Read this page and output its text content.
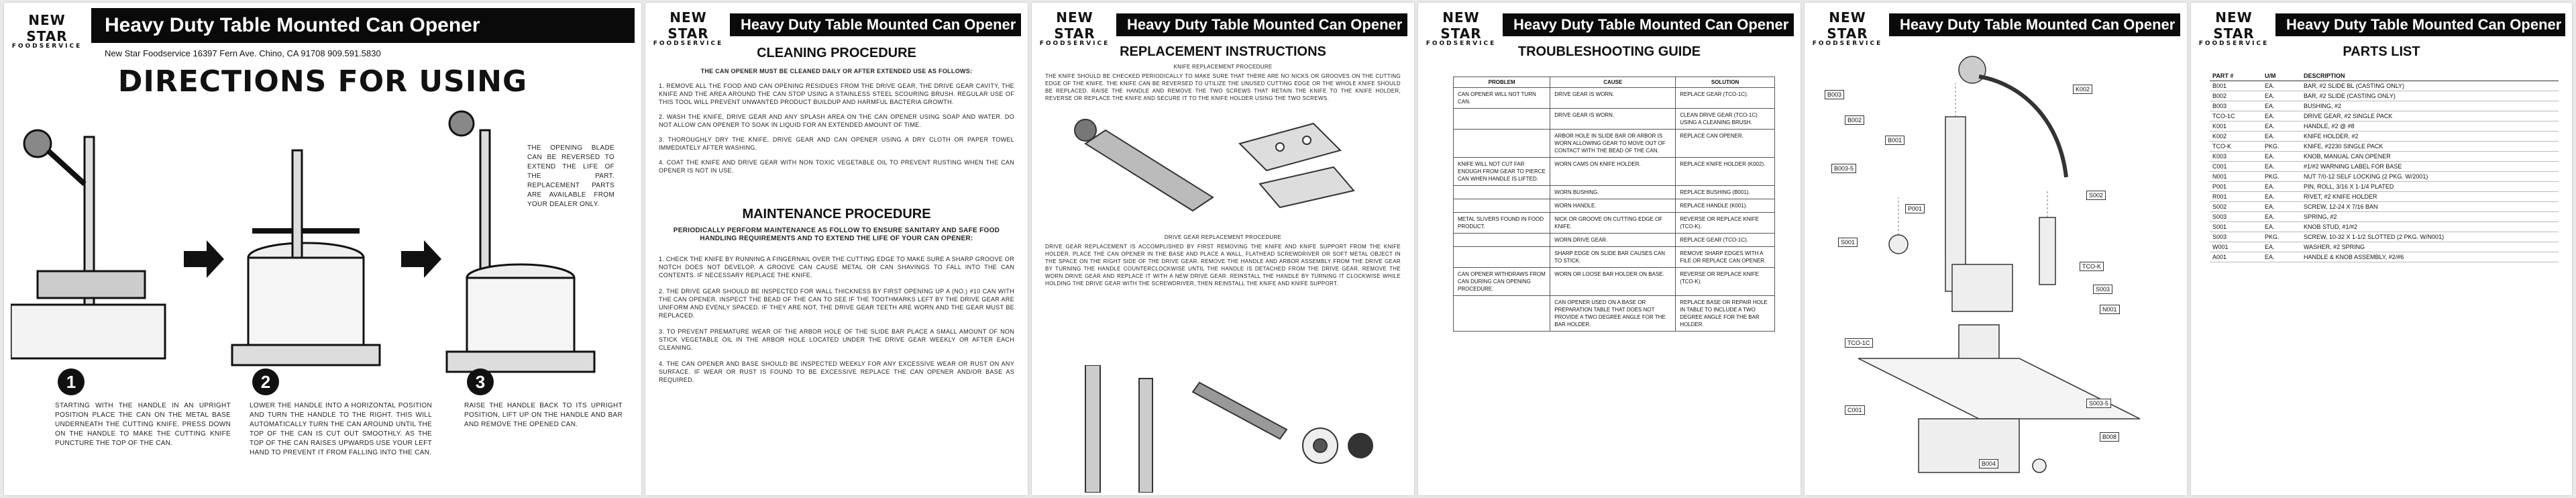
NEW STAR
FOODSERVICE
Heavy Duty Table Mounted Can Opener
New Star Foodservice 16397 Fern Ave. Chino, CA 91708 909.591.5830
DIRECTIONS FOR USING
THE OPENING BLADE CAN BE REVERSED TO EXTEND THE LIFE OF THE PART. REPLACEMENT PARTS ARE AVAILABLE FROM YOUR DEALER ONLY.
1	2	3
STARTING WITH THE HANDLE IN AN UPRIGHT POSITION PLACE THE CAN ON THE METAL BASE UNDERNEATH THE CUTTING KNIFE. PRESS DOWN ON THE HANDLE TO MAKE THE CUTTING KNIFE PUNCTURE THE TOP OF THE CAN.
LOWER THE HANDLE INTO A HORIZONTAL POSITION AND TURN THE HANDLE TO THE RIGHT. THIS WILL AUTOMATICALLY TURN THE CAN AROUND UNTIL THE TOP OF THE CAN IS CUT OUT SMOOTHLY. AS THE TOP OF THE CAN RAISES UPWARDS USE YOUR LEFT HAND TO PREVENT IT FROM FALLING INTO THE CAN.
RAISE THE HANDLE BACK TO ITS UPRIGHT POSITION, LIFT UP ON THE HANDLE AND BAR AND REMOVE THE OPENED CAN.
NEW STAR
FOODSERVICE
Heavy Duty Table Mounted Can Opener
CLEANING PROCEDURE
THE CAN OPENER MUST BE CLEANED DAILY OR AFTER EXTENDED USE AS FOLLOWS:

1. REMOVE ALL THE FOOD AND CAN OPENING RESIDUES FROM THE DRIVE GEAR, THE DRIVE GEAR CAVITY, THE KNIFE AND THE AREA AROUND THE CAN STOP USING A STAINLESS STEEL SCOURING BRUSH. REGULAR USE OF THIS TOOL WILL PREVENT UNWANTED PRODUCT BUILDUP AND HARMFUL BACTERIA GROWTH.

2. WASH THE KNIFE, DRIVE GEAR AND ANY SPLASH AREA ON THE CAN OPENER USING SOAP AND WATER. DO NOT ALLOW CAN OPENER TO SOAK IN LIQUID FOR AN EXTENDED AMOUNT OF TIME.

3. THOROUGHLY DRY THE KNIFE, DRIVE GEAR AND CAN OPENER USING A DRY CLOTH OR PAPER TOWEL IMMEDIATELY AFTER WASHING.

4. COAT THE KNIFE AND DRIVE GEAR WITH NON TOXIC VEGETABLE OIL TO PREVENT RUSTING WHEN THE CAN OPENER IS NOT IN USE.

MAINTENANCE PROCEDURE
PERIODICALLY PERFORM MAINTENANCE AS FOLLOW TO ENSURE SANITARY AND SAFE FOOD HANDLING REQUIREMENTS AND TO EXTEND THE LIFE OF YOUR CAN OPENER:

1. CHECK THE KNIFE BY RUNNING A FINGERNAIL OVER THE CUTTING EDGE TO MAKE SURE A SHARP GROOVE OR NOTCH DOES NOT DEVELOP. A GROOVE CAN CAUSE METAL OR CAN SHAVINGS TO FALL INTO THE CAN CONTENTS. IF NECESSARY REPLACE THE KNIFE.

2. THE DRIVE GEAR SHOULD BE INSPECTED FOR WALL THICKNESS BY FIRST OPENING UP A (NO.) #10 CAN WITH THE CAN OPENER. INSPECT THE BEAD OF THE CAN TO SEE IF THE TOOTHMARKS LEFT BY THE DRIVE GEAR ARE UNIFORM AND EVENLY SPACED. IF THEY ARE NOT, THE DRIVE GEAR TEETH ARE WORN AND THE GEAR MUST BE REPLACED.

3. TO PREVENT PREMATURE WEAR OF THE ARBOR HOLE OF THE SLIDE BAR PLACE A SMALL AMOUNT OF NON STICK VEGETABLE OIL IN THE ARBOR HOLE LOCATED UNDER THE DRIVE GEAR WEEKLY OR AFTER EACH CLEANING.

4. THE CAN OPENER AND BASE SHOULD BE INSPECTED WEEKLY FOR ANY EXCESSIVE WEAR OR RUST ON ANY SURFACE. IF WEAR OR RUST IS FOUND TO BE EXCESSIVE REPLACE THE CAN OPENER AND/OR BASE AS REQUIRED.

NEW STAR
FOODSERVICE
Heavy Duty Table Mounted Can Opener
REPLACEMENT INSTRUCTIONS
KNIFE REPLACEMENT PROCEDURE
THE KNIFE SHOULD BE CHECKED PERIODICALLY TO MAKE SURE THAT THERE ARE NO NICKS OR GROOVES ON THE CUTTING EDGE OF THE KNIFE. THE KNIFE CAN BE REVERSED TO UTILIZE THE UNUSED CUTTING EDGE OR THE WHOLE KNIFE SHOULD BE REPLACED. RAISE THE HANDLE AND REMOVE THE TWO SCREWS THAT RETAIN THE KNIFE TO THE KNIFE HOLDER, REVERSE OR REPLACE THE KNIFE AND SECURE IT TO THE KNIFE HOLDER USING THE TWO SCREWS.
DRIVE GEAR REPLACEMENT PROCEDURE
DRIVE GEAR REPLACEMENT IS ACCOMPLISHED BY FIRST REMOVING THE KNIFE AND KNIFE SUPPORT FROM THE KNIFE HOLDER. PLACE THE CAN OPENER IN THE BASE AND PLACE A WALL, FLATHEAD SCREWDRIVER OR SOFT METAL OBJECT IN THE SPACE ON THE RIGHT SIDE OF THE DRIVE GEAR. REMOVE THE HANDLE AND ARBOR ASSEMBLY FROM THE DRIVE GEAR BY TURNING THE HANDLE COUNTERCLOCKWISE UNTIL THE HANDLE IS DETACHED FROM THE DRIVE GEAR. REMOVE THE WORN DRIVE GEAR AND REPLACE IT WITH A NEW DRIVE GEAR. REINSTALL THE HANDLE BY TURNING IT CLOCKWISE WHILE HOLDING THE DRIVE GEAR WITH THE SCREWDRIVER, THEN REINSTALL THE KNIFE AND KNIFE SUPPORT.
NEW STAR
FOODSERVICE
Heavy Duty Table Mounted Can Opener
TROUBLESHOOTING GUIDE
PROBLEM	CAUSE	SOLUTION
CAN OPENER WILL NOT TURN CAN.	DRIVE GEAR IS WORN.	REPLACE GEAR (TCO-1C).
	DRIVE GEAR IS WORN.	CLEAN DRIVE GEAR (TCO-1C) USING A CLEANING BRUSH.
	ARBOR HOLE IN SLIDE BAR OR ARBOR IS WORN ALLOWING GEAR TO MOVE OUT OF CONTACT WITH THE BEAD OF THE CAN.	REPLACE CAN OPENER.
KNIFE WILL NOT CUT FAR ENOUGH FROM GEAR TO PIERCE CAN WHEN HANDLE IS LIFTED.	WORN CAMS ON KNIFE HOLDER.	REPLACE KNIFE HOLDER (K002).
	WORN BUSHING.	REPLACE BUSHING (B001).
	WORN HANDLE.	REPLACE HANDLE (K001).
METAL SLIVERS FOUND IN FOOD PRODUCT.	NICK OR GROOVE ON CUTTING EDGE OF KNIFE.	REVERSE OR REPLACE KNIFE (TCO-K).
	WORN DRIVE GEAR.	REPLACE GEAR (TCO-1C).
	SHARP EDGE ON SLIDE BAR CAUSES CAN TO STICK.	REMOVE SHARP EDGES WITH A FILE OR REPLACE CAN OPENER.
CAN OPENER WITHDRAWS FROM CAN DURING CAN OPENING PROCEDURE.	WORN OR LOOSE BAR HOLDER ON BASE.	REVERSE OR REPLACE KNIFE (TCO-K).
	CAN OPENER USED ON A BASE OR PREPARATION TABLE THAT DOES NOT PROVIDE A TWO DEGREE ANGLE FOR THE BAR HOLDER.	REPLACE BASE OR REPAIR HOLE IN TABLE TO INCLUDE A TWO DEGREE ANGLE FOR THE BAR HOLDER.
NEW STAR
FOODSERVICE
Heavy Duty Table Mounted Can Opener
B003
B002
B001
K002
B003-5
P001
S001
S002
TCO-K
TCO-1C
S003
N001
C001
S003-5
B008
B004
NEW STAR
FOODSERVICE
Heavy Duty Table Mounted Can Opener
PARTS LIST
PART #	U/M	DESCRIPTION
B001	EA.	BAR, #2 SLIDE BL (CASTING ONLY)
B002	EA.	BAR, #2 SLIDE (CASTING ONLY)
B003	EA.	BUSHING, #2
TCO-1C	EA.	DRIVE GEAR, #2 SINGLE PACK
K001	EA.	HANDLE, #2 @ #8
K002	EA.	KNIFE HOLDER, #2
TCO-K	PKG.	KNIFE, #2230 SINGLE PACK
K003	EA.	KNOB, MANUAL CAN OPENER
C001	EA.	#1/#2 WARNING LABEL FOR BASE
N001	PKG.	NUT 7/0-12 SELF LOCKING (2 PKG. W/2001)
P001	EA.	PIN, ROLL, 3/16 X 1-1/4 PLATED
R001	EA.	RIVET, #2 KNIFE HOLDER
S002	EA.	SCREW, 12-24 X 7/16 BAN
S003	EA.	SPRING, #2
S001	EA.	KNOB STUD, #1/#2
S003	PKG.	SCREW, 10-32 X 1-1/2 SLOTTED (2 PKG. W/N001)
W001	EA.	WASHER, #2 SPRING
A001	EA.	HANDLE & KNOB ASSEMBLY, #2/#6
